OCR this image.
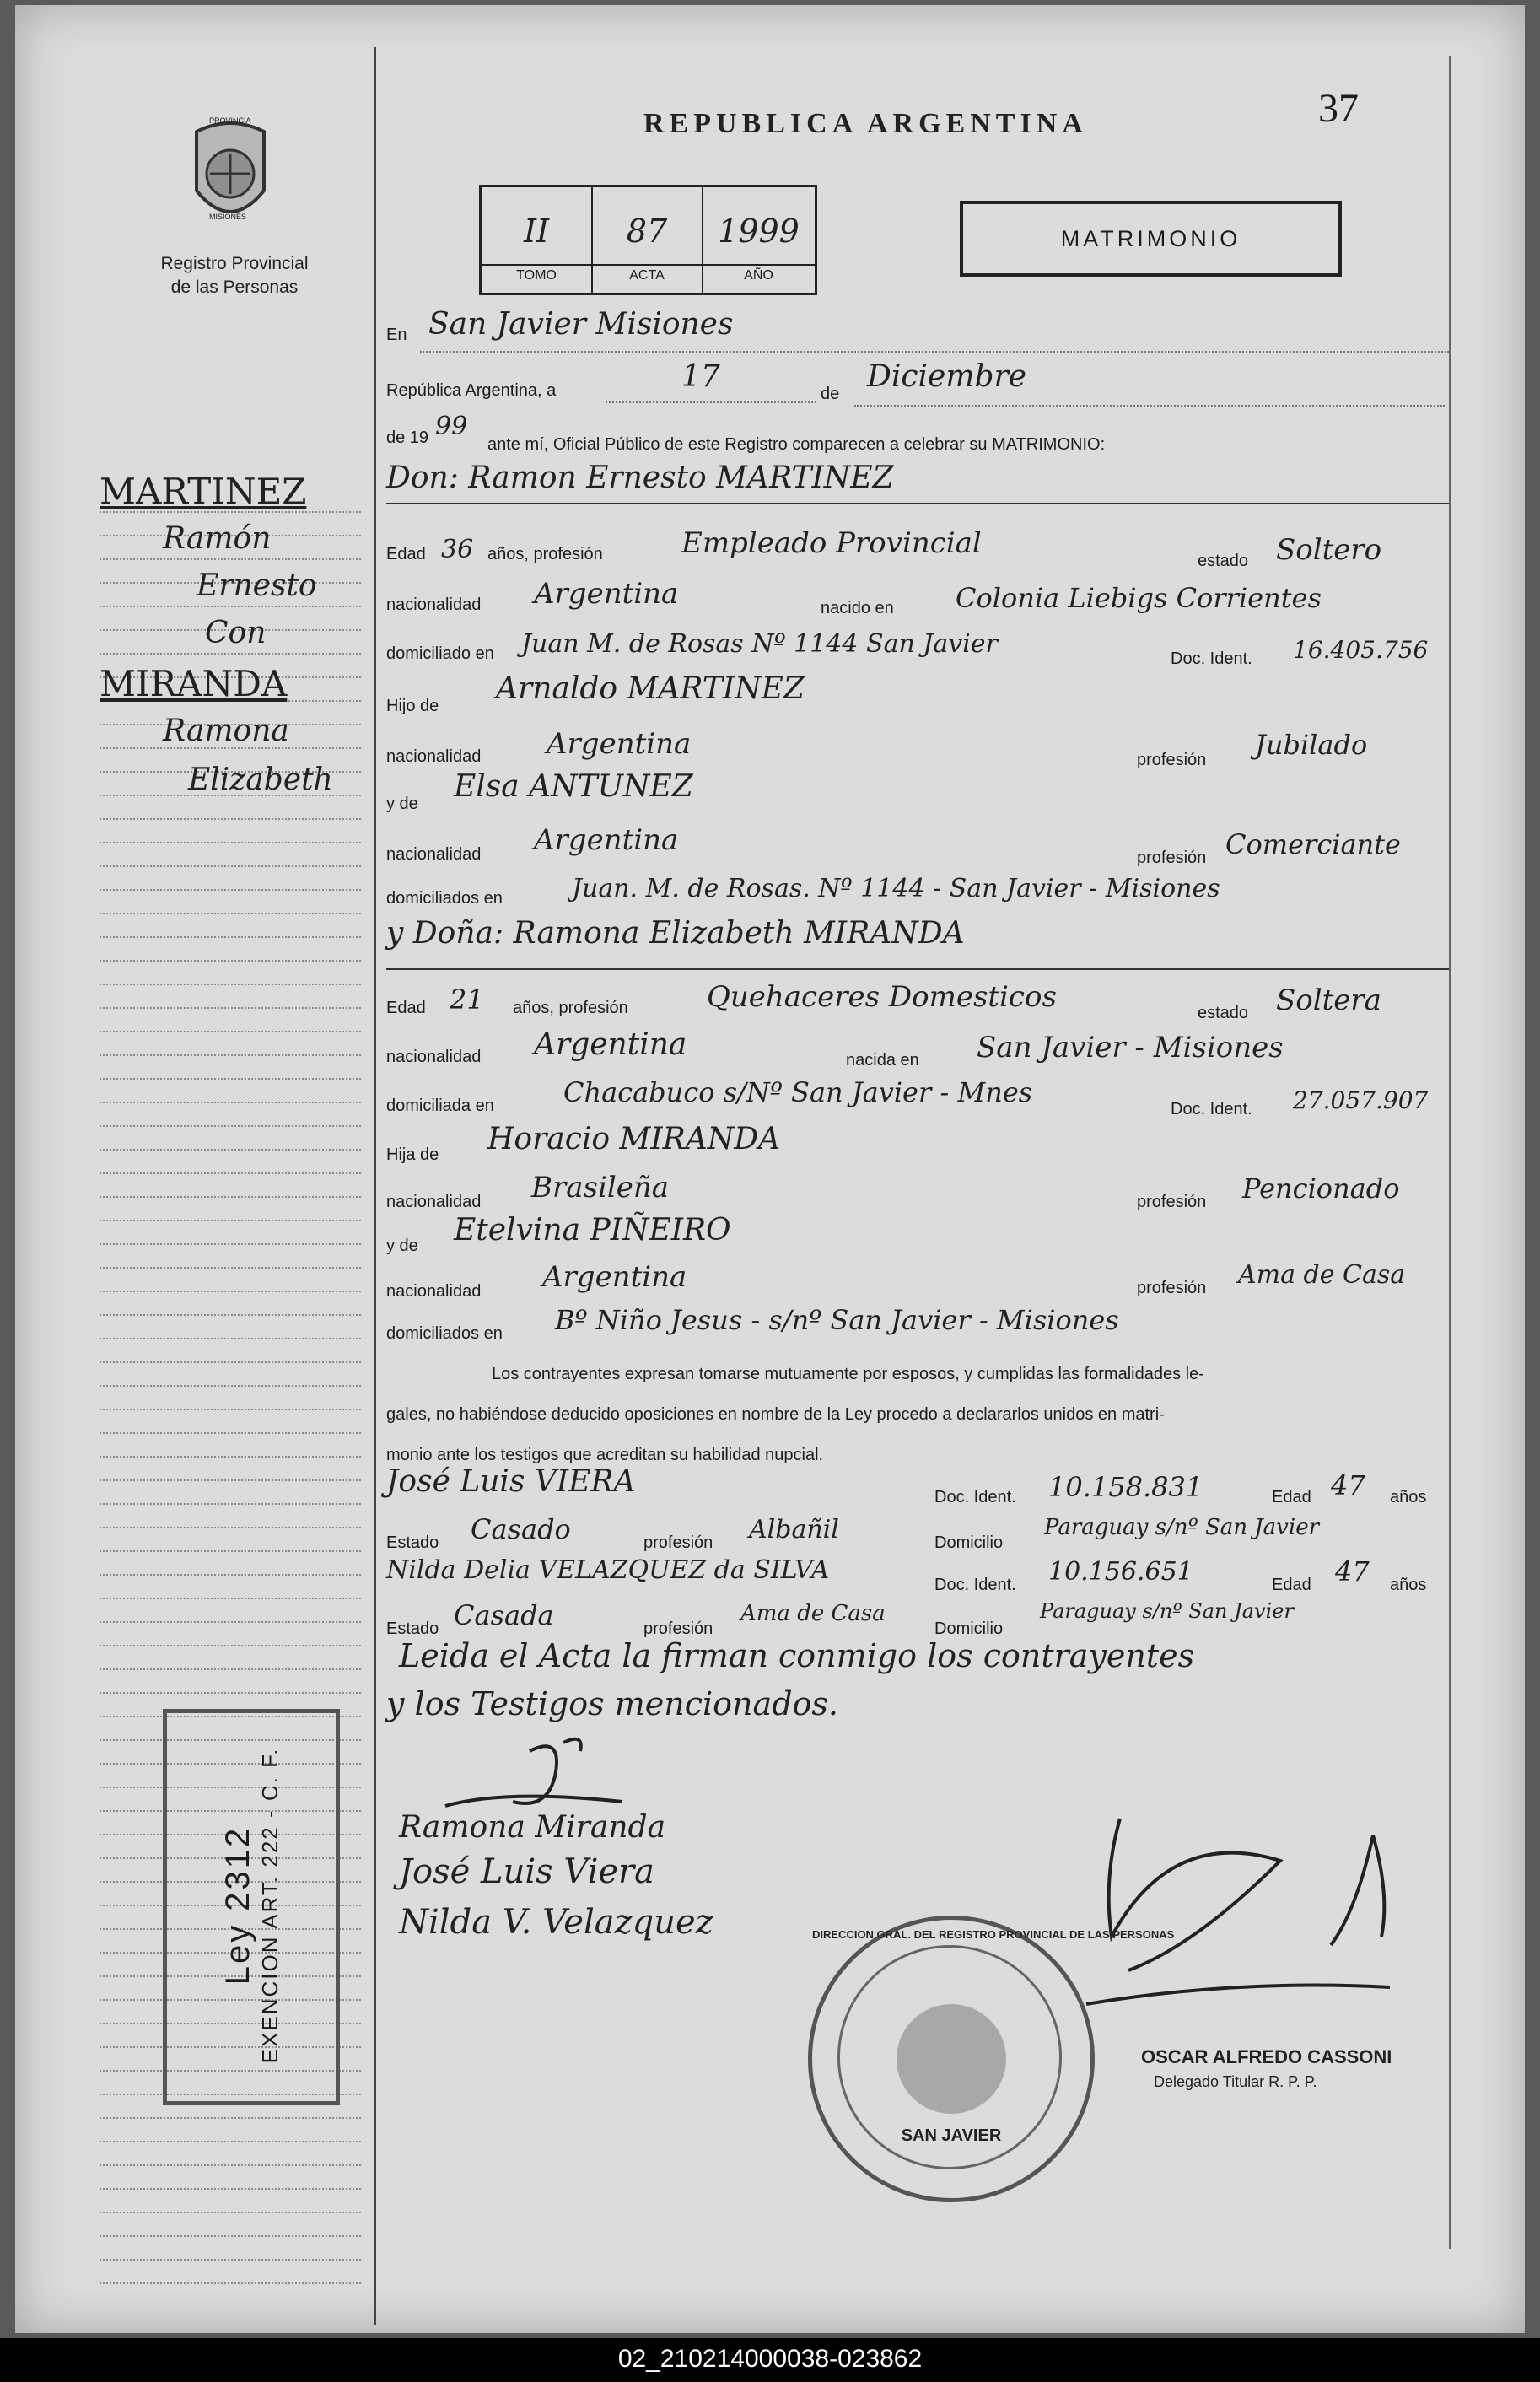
PROVINCIA
MISIONES
Registro Provincial
de las Personas
REPUBLICA ARGENTINA	37
II
TOMO
87
ACTA
1999
AÑO
MATRIMONIO
MARTINEZ
Ramón
Ernesto
Con
MIRANDA
Ramona
Elizabeth
En San Javier Misiones
República Argentina, a	17	de Diciembre
de 19 99
ante mí, Oficial Público de este Registro comparecen a celebrar su MATRIMONIO:
Don: Ramon Ernesto MARTINEZ
Edad 36 años, profesión	Empleado Provincial
estado Soltero
nacionalidad Argentina	nacido en Colonia Liebigs Corrientes
domiciliado en Juan M. de Rosas Nº 1144 San Javier	Doc. Ident. 16.405.756
Hijo de Arnaldo MARTINEZ
nacionalidad Argentina	profesión Jubilado
y de Elsa ANTUNEZ
nacionalidad Argentina
profesión Comerciante
domiciliados en	Juan. M. de Rosas. Nº 1144 - San Javier - Misiones
y Doña: Ramona Elizabeth MIRANDA
Edad 21 años, profesión	Quehaceres Domesticos	estado Soltera
nacionalidad Argentina	nacida en San Javier - Misiones
domiciliada en	Chacabuco s/Nº San Javier - Mnes
Doc. Ident. 27.057.907
Hija de Horacio MIRANDA
nacionalidad Brasileña	profesión Pencionado
y de Etelvina PIÑEIRO
nacionalidad Argentina	profesión Ama de Casa
domiciliados en Bº Niño Jesus - s/nº San Javier - Misiones
Los contrayentes expresan tomarse mutuamente por esposos, y cumplidas las formalidades le-
gales, no habiéndose deducido oposiciones en nombre de la Ley procedo a declararlos unidos en matri-
monio ante los testigos que acreditan su habilidad nupcial.
José Luis VIERA	Doc. Ident. 10.158.831	Edad 47 años
Estado Casado	profesión Albañil	Domicilio
Paraguay s/nº San Javier
Nilda Delia VELAZQUEZ da SILVA	Doc. Ident. 10.156.651	Edad 47 años
Estado Casada	profesión
Ama de Casa
Domicilio
Paraguay s/nº San Javier
Leida el Acta la firman conmigo los contrayentes
y los Testigos mencionados.
Ramona Miranda
José Luis Viera
Nilda V. Velazquez
Ley 2312 EXENCION ART. 222 - C. F.	DIRECCION GRAL. DEL REGISTRO PROVINCIAL DE LAS PERSONAS
SAN JAVIER
OSCAR ALFREDO CASSONI
Delegado Titular R. P. P.
02_210214000038-023862
